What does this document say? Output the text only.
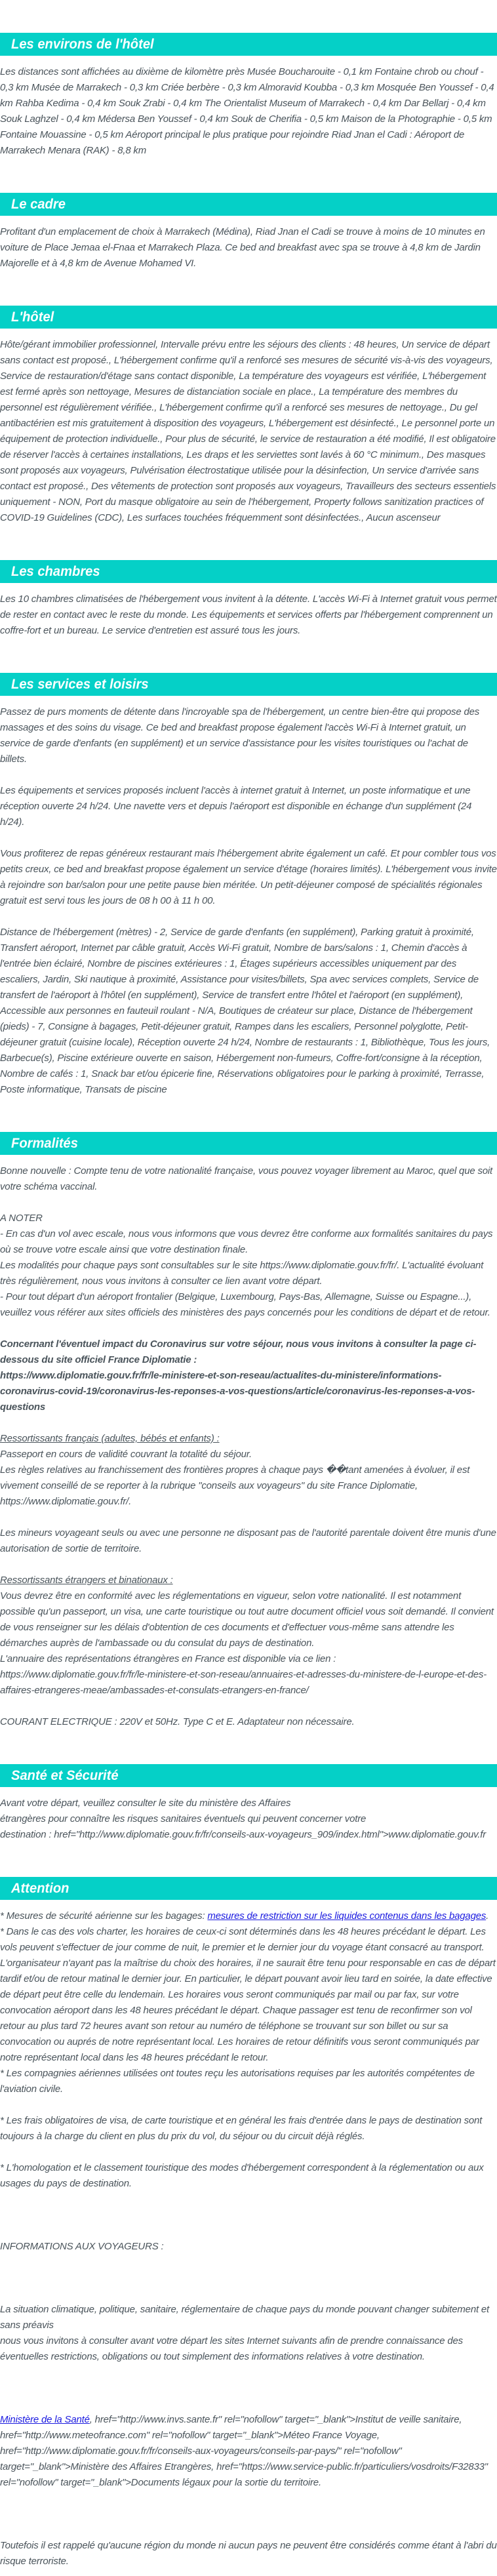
Les environs de l'hôtel

Les distances sont affichées au dixième de kilomètre près Musée Boucharouite - 0,1 km Fontaine chrob ou chouf - 0,3 km Musée de Marrakech - 0,3 km Criée berbère - 0,3 km Almoravid Koubba - 0,3 km Mosquée Ben Youssef - 0,4 km Rahba Kedima - 0,4 km Souk Zrabi - 0,4 km The Orientalist Museum of Marrakech - 0,4 km Dar Bellarj - 0,4 km Souk Laghzel - 0,4 km Médersa Ben Youssef - 0,4 km Souk de Cherifia - 0,5 km Maison de la Photographie - 0,5 km Fontaine Mouassine - 0,5 km Aéroport principal le plus pratique pour rejoindre Riad Jnan el Cadi : Aéroport de Marrakech Menara (RAK) - 8,8 km

Le cadre

Profitant d'un emplacement de choix à Marrakech (Médina), Riad Jnan el Cadi se trouve à moins de 10 minutes en voiture de Place Jemaa el-Fnaa et Marrakech Plaza. Ce bed and breakfast avec spa se trouve à 4,8 km de Jardin Majorelle et à 4,8 km de Avenue Mohamed VI.

L'hôtel

Hôte/gérant immobilier professionnel, Intervalle prévu entre les séjours des clients : 48 heures, Un service de départ sans contact est proposé., L'hébergement confirme qu'il a renforcé ses mesures de sécurité vis-à-vis des voyageurs, Service de restauration/d'étage sans contact disponible, La température des voyageurs est vérifiée, L'hébergement est fermé après son nettoyage, Mesures de distanciation sociale en place., La température des membres du personnel est régulièrement vérifiée., L'hébergement confirme qu'il a renforcé ses mesures de nettoyage., Du gel antibactérien est mis gratuitement à disposition des voyageurs, L'hébergement est désinfecté., Le personnel porte un équipement de protection individuelle., Pour plus de sécurité, le service de restauration a été modifié, Il est obligatoire de réserver l'accès à certaines installations, Les draps et les serviettes sont lavés à 60 °C minimum., Des masques sont proposés aux voyageurs, Pulvérisation électrostatique utilisée pour la désinfection, Un service d'arrivée sans contact est proposé., Des vêtements de protection sont proposés aux voyageurs, Travailleurs des secteurs essentiels uniquement - NON, Port du masque obligatoire au sein de l'hébergement, Property follows sanitization practices of COVID-19 Guidelines (CDC), Les surfaces touchées fréquemment sont désinfectées., Aucun ascenseur

Les chambres

Les 10 chambres climatisées de l'hébergement vous invitent à la détente. L'accès Wi-Fi à Internet gratuit vous permet de rester en contact avec le reste du monde. Les équipements et services offerts par l'hébergement comprennent un coffre-fort et un bureau. Le service d'entretien est assuré tous les jours.

Les services et loisirs

Passez de purs moments de détente dans l'incroyable spa de l'hébergement, un centre bien-être qui propose des massages et des soins du visage. Ce bed and breakfast propose également l'accès Wi-Fi à Internet gratuit, un service de garde d'enfants (en supplément) et un service d'assistance pour les visites touristiques ou l'achat de billets.

Les équipements et services proposés incluent l'accès à internet gratuit à Internet, un poste informatique et une réception ouverte 24 h/24. Une navette vers et depuis l'aéroport est disponible en échange d'un supplément (24 h/24).

Vous profiterez de repas généreux restaurant mais l'hébergement abrite également un café. Et pour combler tous vos petits creux, ce bed and breakfast propose également un service d'étage (horaires limités). L'hébergement vous invite à rejoindre son bar/salon pour une petite pause bien méritée. Un petit-déjeuner composé de spécialités régionales gratuit est servi tous les jours de 08 h 00 à 11 h 00.

Distance de l'hébergement (mètres) - 2, Service de garde d'enfants (en supplément), Parking gratuit à proximité, Transfert aéroport, Internet par câble gratuit, Accès Wi-Fi gratuit, Nombre de bars/salons : 1, Chemin d'accès à l'entrée bien éclairé, Nombre de piscines extérieures : 1, Étages supérieurs accessibles uniquement par des escaliers, Jardin, Ski nautique à proximité, Assistance pour visites/billets, Spa avec services complets, Service de transfert de l'aéroport à l'hôtel (en supplément), Service de transfert entre l'hôtel et l'aéroport (en supplément), Accessible aux personnes en fauteuil roulant - N/A, Boutiques de créateur sur place, Distance de l'hébergement (pieds) - 7, Consigne à bagages, Petit-déjeuner gratuit, Rampes dans les escaliers, Personnel polyglotte, Petit-déjeuner gratuit (cuisine locale), Réception ouverte 24 h/24, Nombre de restaurants : 1, Bibliothèque, Tous les jours, Barbecue(s), Piscine extérieure ouverte en saison, Hébergement non-fumeurs, Coffre-fort/consigne à la réception, Nombre de cafés : 1, Snack bar et/ou épicerie fine, Réservations obligatoires pour le parking à proximité, Terrasse, Poste informatique, Transats de piscine

Formalités

Bonne nouvelle : Compte tenu de votre nationalité française, vous pouvez voyager librement au Maroc, quel que soit votre schéma vaccinal.

A NOTER

- En cas d'un vol avec escale, nous vous informons que vous devrez être conforme aux formalités sanitaires du pays où se trouve votre escale ainsi que votre destination finale.

Les modalités pour chaque pays sont consultables sur le site https://www.diplomatie.gouv.fr/fr/. L'actualité évoluant très régulièrement, nous vous invitons à consulter ce lien avant votre départ.

- Pour tout départ d'un aéroport frontalier (Belgique, Luxembourg, Pays-Bas, Allemagne, Suisse ou Espagne...), veuillez vous référer aux sites officiels des ministères des pays concernés pour les conditions de départ et de retour.

Concernant l'éventuel impact du Coronavirus sur votre séjour, nous vous invitons à consulter la page ci-dessous du site officiel France Diplomatie :

https://www.diplomatie.gouv.fr/fr/le-ministere-et-son-reseau/actualites-du-ministere/informations-coronavirus-covid-19/coronavirus-les-reponses-a-vos-questions/article/coronavirus-les-reponses-a-vos-questions

Ressortissants français (adultes, bébés et enfants) :

Passeport en cours de validité couvrant la totalité du séjour.

Les règles relatives au franchissement des frontières propres à chaque pays ��tant amenées à évoluer, il est vivement conseillé de se reporter à la rubrique "conseils aux voyageurs" du site France Diplomatie, https://www.diplomatie.gouv.fr/.

Les mineurs voyageant seuls ou avec une personne ne disposant pas de l'autorité parentale doivent être munis d'une autorisation de sortie de territoire.

Ressortissants étrangers et binationaux :

Vous devrez être en conformité avec les réglementations en vigueur, selon votre nationalité. Il est notamment possible qu'un passeport, un visa, une carte touristique ou tout autre document officiel vous soit demandé. Il convient de vous renseigner sur les délais d'obtention de ces documents et d'effectuer vous-même sans attendre les démarches auprès de l'ambassade ou du consulat du pays de destination.

L'annuaire des représentations étrangères en France est disponible via ce lien :

https://www.diplomatie.gouv.fr/fr/le-ministere-et-son-reseau/annuaires-et-adresses-du-ministere-de-l-europe-et-des-affaires-etrangeres-meae/ambassades-et-consulats-etrangers-en-france/

COURANT ELECTRIQUE : 220V et 50Hz. Type C et E. Adaptateur non nécessaire.

Santé et Sécurité

Avant votre départ, veuillez consulter le site du ministère des Affaires

étrangères pour connaître les risques sanitaires éventuels qui peuvent concerner votre

destination : href="http://www.diplomatie.gouv.fr/fr/conseils-aux-voyageurs_909/index.html">www.diplomatie.gouv.fr

Attention

* Mesures de sécurité aérienne sur les bagages: mesures de restriction sur les liquides contenus dans les bagages.

* Dans le cas des vols charter, les horaires de ceux-ci sont déterminés dans les 48 heures précédant le départ. Les vols peuvent s'effectuer de jour comme de nuit, le premier et le dernier jour du voyage étant consacré au transport. L'organisateur n'ayant pas la maîtrise du choix des horaires, il ne saurait être tenu pour responsable en cas de départ tardif et/ou de retour matinal le dernier jour. En particulier, le départ pouvant avoir lieu tard en soirée, la date effective de départ peut être celle du lendemain. Les horaires vous seront communiqués par mail ou par fax, sur votre convocation aéroport dans les 48 heures précédant le départ. Chaque passager est tenu de reconfirmer son vol retour au plus tard 72 heures avant son retour au numéro de téléphone se trouvant sur son billet ou sur sa convocation ou auprés de notre représentant local. Les horaires de retour définitifs vous seront communiqués par notre représentant local dans les 48 heures précédant le retour.

* Les compagnies aériennes utilisées ont toutes reçu les autorisations requises par les autorités compétentes de l'aviation civile.

* Les frais obligatoires de visa, de carte touristique et en général les frais d'entrée dans le pays de destination sont toujours à la charge du client en plus du prix du vol, du séjour ou du circuit déjà réglés.

* L'homologation et le classement touristique des modes d'hébergement correspondent à la réglementation ou aux usages du pays de destination.

INFORMATIONS AUX VOYAGEURS :

La situation climatique, politique, sanitaire, réglementaire de chaque pays du monde pouvant changer subitement et sans préavis

nous vous invitons à consulter avant votre départ les sites Internet suivants afin de prendre connaissance des éventuelles restrictions, obligations ou tout simplement des informations relatives à votre destination.

Ministère de la Santé, href="http://www.invs.sante.fr" rel="nofollow" target="_blank">Institut de veille sanitaire, href="http://www.meteofrance.com" rel="nofollow" target="_blank">Méteo France Voyage, href="http://www.diplomatie.gouv.fr/fr/conseils-aux-voyageurs/conseils-par-pays/" rel="nofollow" target="_blank">Ministère des Affaires Etrangères, href="https://www.service-public.fr/particuliers/vosdroits/F32833" rel="nofollow" target="_blank">Documents légaux pour la sortie du territoire.

Toutefois il est rappelé qu'aucune région du monde ni aucun pays ne peuvent être considérés comme étant à l'abri du risque terroriste.
